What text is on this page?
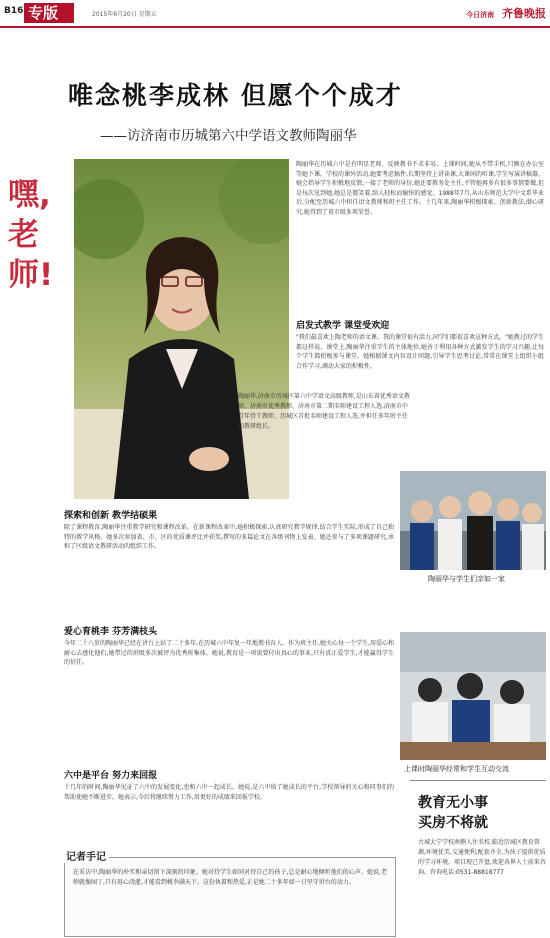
B16 专版	2015年6月20日 星期五	今日济南 齐鲁晚报
唯念桃李成林 但愿个个成才
——访济南市历城第六中学语文教师陶丽华
嘿,
老
师!
陶丽华,济南市历城区第六中学语文高级教师,是山东省优秀语文教师、济南市优秀教师、济南市第二期名师建设工程人选,济南市中青年骨干教师、历城区首批名师建设工程人选,并担任多年班主任和教研组长。
陶丽华在历城六中是有明星老师、反映教书不求非易。上课时间,她从不带手机,只顾在办公室等她下课。学校的课外活动,她要考虑稿件,长期坚持上讲读课,大课间的听课,学生写演讲稿器、她会指导学生积极地反馈,一接了老师的身份,她还要教务处主任,不管她再多有很多事情要做,但是每次见到她,她总是微笑着,给人轻松而愉快的感觉。1988年7月,从山东师范大学中文系毕业后,分配至历城六中担任语文教师和班主任工作。十几年来,陶丽华积极探索、创新教法,潜心研究,她得到了省市级多项荣誉。
启发式教学 课堂受欢迎
"我们最喜欢上陶老师的语文课。我的课堂很有活力,同学们都很喜欢这种方式。"她教过的学生都这样说。课堂上,陶丽华注重学生的主体地位,她善于利用各种方式激发学生的学习兴趣,让每个学生都积极参与课堂。她根据课文内容设计问题,引导学生思考讨论,常常在课堂上组织小组合作学习,调动大家的积极性。
探索和创新 教学结硕果
除了课程教育,陶丽华注重教学研究和课程改革。在新课程改革中,她积极探索,认真研究教学规律,结合学生实际,形成了自己独特的教学风格。她多次参加省、市、区的优质课评比并获奖,撰写的多篇论文在各级刊物上发表。她还参与了多项课题研究,承担了区级语文教研活动的组织工作。
爱心育桃李 芬芳满枝头
今年二十八岁的陶丽华已经在讲台上站了二十多年,在历城六中年复一年地教书育人。作为班主任,她关心每一个学生,用爱心和耐心去感化他们,她带过的班级多次被评为优秀班集体。她说,教育是一项需要付出真心的事业,只有真正爱学生,才能赢得学生的信任。
六中是平台 努力来回报
十几年的时间,陶丽华见证了六中的发展变化,也和六中一起成长。她说,是六中给了她成长的平台,学校领导的关心和同事们的帮助使她不断进步。她表示,今后将继续努力工作,用更好的成绩来回报学校。
陶丽华与学生们亲如一家
上课时陶丽华经常和学生互动交流
教育无小事
买房不将就
古城大宁学校南侧入住名校,临近历城区教育资源,环境优美,交通便利,配套齐全,为孩子提供优质的学习环境。项目现已开盘,欢迎各界人士前来咨询。咨询电话:0531-88818777
在采访中,陶丽华的朴实和亲切留下深刻的印象。她对待学生如同对待自己的孩子,总是耐心地倾听他们的心声。她说,老师就像园丁,只有用心浇灌,才能看到桃李满天下。这份执着和热爱,正是她二十多年如一日坚守讲台的动力。
记者手记
